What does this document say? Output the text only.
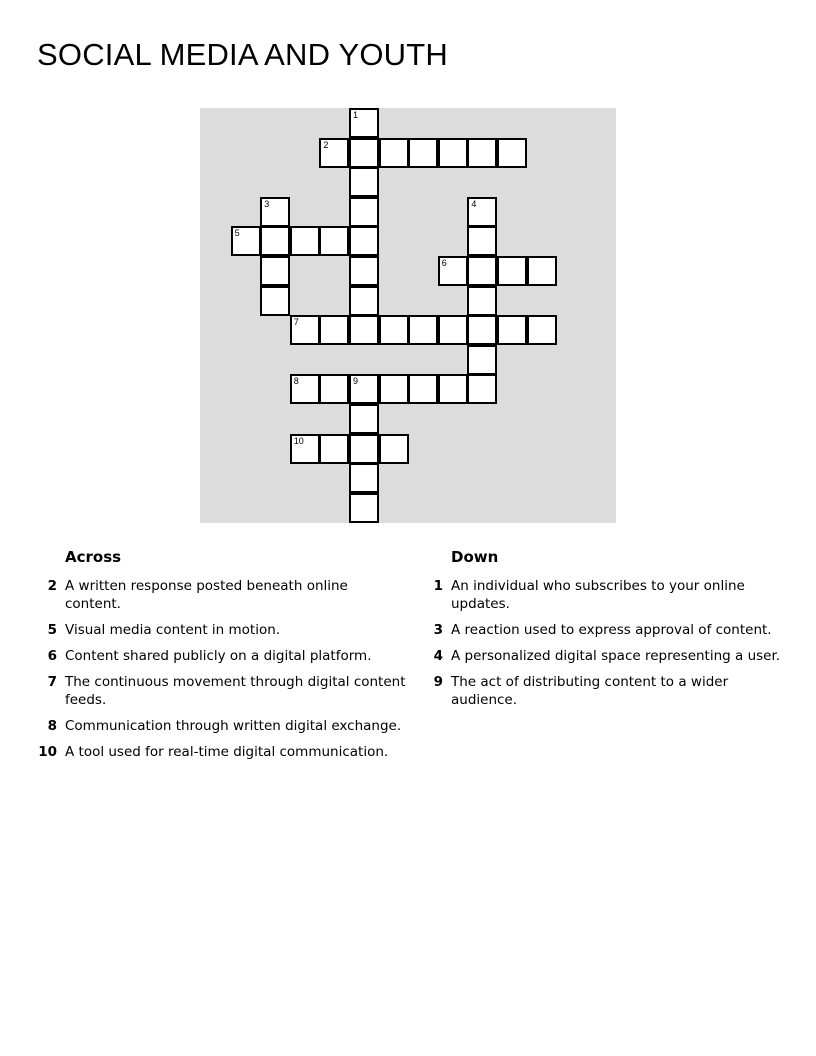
SOCIAL MEDIA AND YOUTH
1
2
3	4
5
6
7
8	9
10
Across
2 A written response posted beneath online content.
5 Visual media content in motion.
6 Content shared publicly on a digital platform.
7 The continuous movement through digital content feeds.
8 Communication through written digital exchange.
10 A tool used for real-time digital communication.
Down
1 An individual who subscribes to your online updates.
3 A reaction used to express approval of content.
4 A personalized digital space representing a user.
9 The act of distributing content to a wider audience.
